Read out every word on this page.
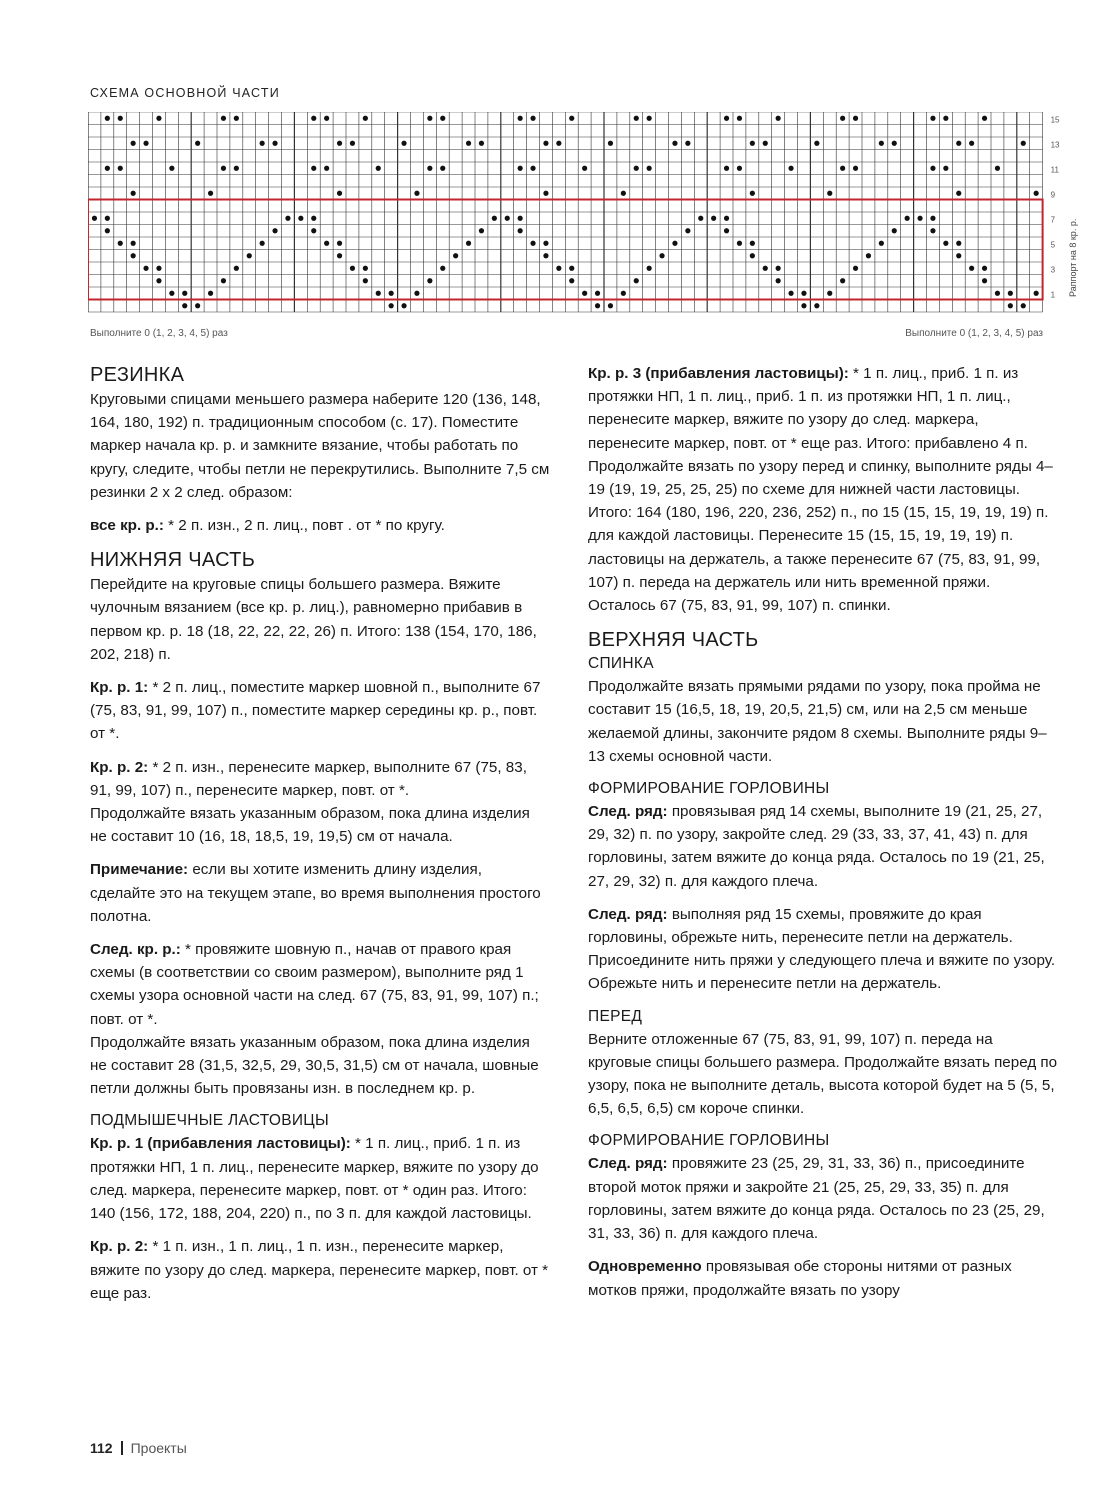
СХЕМА ОСНОВНОЙ ЧАСТИ
15
13
11
9
7
5
3
1 Раппорт на 8 кр. р.
Выполните 0 (1, 2, 3, 4, 5) раз	Выполните 0 (1, 2, 3, 4, 5) раз
РЕЗИНКА

Круговыми спицами меньшего размера наберите 120 (136, 148, 164, 180, 192) п. традиционным способом (с. 17). Поместите маркер начала кр. р. и замкните вязание, чтобы работать по кругу, следите, чтобы петли не перекрутились. Выполните 7,5 см резинки 2 х 2 след. образом:

все кр. р.: * 2 п. изн., 2 п. лиц., повт . от * по кругу.

НИЖНЯЯ ЧАСТЬ

Перейдите на круговые спицы большего размера. Вяжите чулочным вязанием (все кр. р. лиц.), равномерно прибавив в первом кр. р. 18 (18, 22, 22, 22, 26) п. Итого: 138 (154, 170, 186, 202, 218) п.

Кр. р. 1: * 2 п. лиц., поместите маркер шовной п., выполните 67 (75, 83, 91, 99, 107) п., поместите маркер середины кр. р., повт. от *.

Кр. р. 2: * 2 п. изн., перенесите маркер, выполните 67 (75, 83, 91, 99, 107) п., перенесите маркер, повт. от *.

Продолжайте вязать указанным образом, пока длина изделия не составит 10 (16, 18, 18,5, 19, 19,5) см от начала.

Примечание: если вы хотите изменить длину изделия, сделайте это на текущем этапе, во время выполнения простого полотна.

След. кр. р.: * провяжите шовную п., начав от правого края схемы (в соответствии со своим размером), выполните ряд 1 схемы узора основной части на след. 67 (75, 83, 91, 99, 107) п.; повт. от *.

Продолжайте вязать указанным образом, пока длина изделия не составит 28 (31,5, 32,5, 29, 30,5, 31,5) см от начала, шовные петли должны быть провязаны изн. в последнем кр. р.

ПОДМЫШЕЧНЫЕ ЛАСТОВИЦЫ

Кр. р. 1 (прибавления ластовицы): * 1 п. лиц., приб. 1 п. из протяжки НП, 1 п. лиц., перенесите маркер, вяжите по узору до след. маркера, перенесите маркер, повт. от * один раз. Итого: 140 (156, 172, 188, 204, 220) п., по 3 п. для каждой ластовицы.

Кр. р. 2: * 1 п. изн., 1 п. лиц., 1 п. изн., перенесите маркер, вяжите по узору до след. маркера, перенесите маркер, повт. от * еще раз.

Кр. р. 3 (прибавления ластовицы): * 1 п. лиц., приб. 1 п. из протяжки НП, 1 п. лиц., приб. 1 п. из протяжки НП, 1 п. лиц., перенесите маркер, вяжите по узору до след. маркера, перенесите маркер, повт. от * еще раз. Итого: прибавлено 4 п.

Продолжайте вязать по узору перед и спинку, выполните ряды 4–19 (19, 19, 25, 25, 25) по схеме для нижней части ластовицы. Итого: 164 (180, 196, 220, 236, 252) п., по 15 (15, 15, 19, 19, 19) п. для каждой ластовицы. Перенесите 15 (15, 15, 19, 19, 19) п. ластовицы на держатель, а также перенесите 67 (75, 83, 91, 99, 107) п. переда на держатель или нить временной пряжи. Осталось 67 (75, 83, 91, 99, 107) п. спинки.

ВЕРХНЯЯ ЧАСТЬ
СПИНКА

Продолжайте вязать прямыми рядами по узору, пока пройма не составит 15 (16,5, 18, 19, 20,5, 21,5) см, или на 2,5 см меньше желаемой длины, закончите рядом 8 схемы. Выполните ряды 9–13 схемы основной части.

ФОРМИРОВАНИЕ ГОРЛОВИНЫ

След. ряд: провязывая ряд 14 схемы, выполните 19 (21, 25, 27, 29, 32) п. по узору, закройте след. 29 (33, 33, 37, 41, 43) п. для горловины, затем вяжите до конца ряда. Осталось по 19 (21, 25, 27, 29, 32) п. для каждого плеча.

След. ряд: выполняя ряд 15 схемы, провяжите до края горловины, обрежьте нить, перенесите петли на держатель. Присоедините нить пряжи у следующего плеча и вяжите по узору. Обрежьте нить и перенесите петли на держатель.

ПЕРЕД

Верните отложенные 67 (75, 83, 91, 99, 107) п. переда на круговые спицы большего размера. Продолжайте вязать перед по узору, пока не выполните деталь, высота которой будет на 5 (5, 5, 6,5, 6,5, 6,5) см короче спинки.

ФОРМИРОВАНИЕ ГОРЛОВИНЫ

След. ряд: провяжите 23 (25, 29, 31, 33, 36) п., присоедините второй моток пряжи и закройте 21 (25, 25, 29, 33, 35) п. для горловины, затем вяжите до конца ряда. Осталось по 23 (25, 29, 31, 33, 36) п. для каждого плеча.

Одновременно провязывая обе стороны нитями от разных мотков пряжи, продолжайте вязать по узору

112 Проекты
